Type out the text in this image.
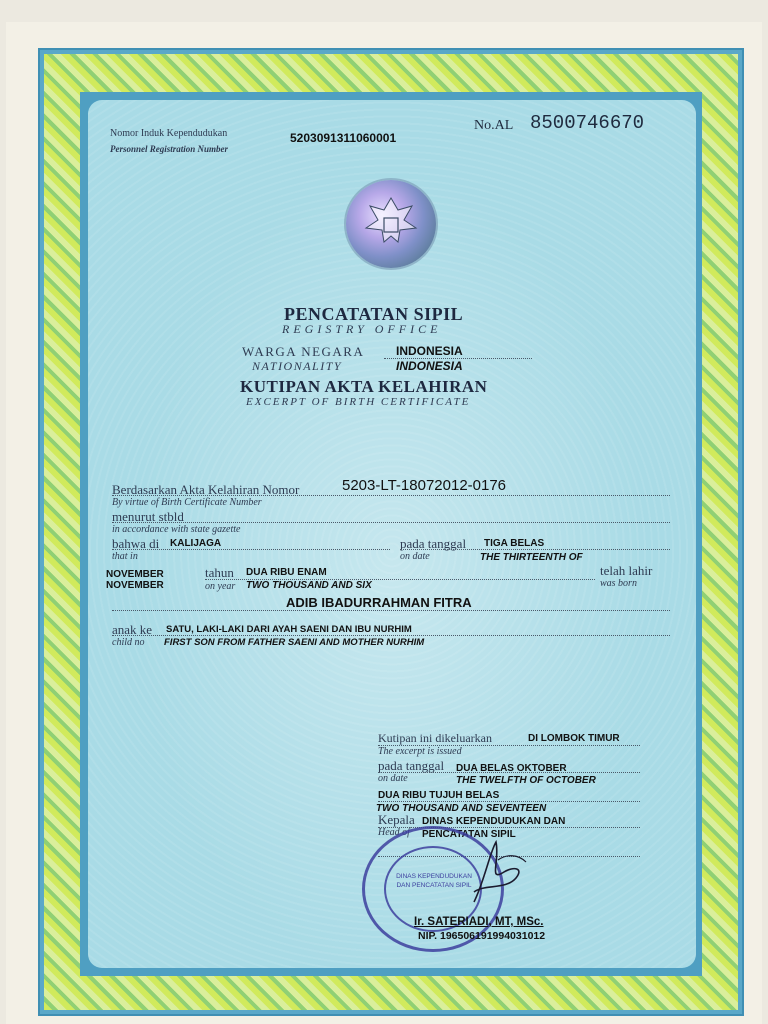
Nomor Induk Kependudukan
Personnel Registration Number
5203091311060001
No.AL 8500746670
PENCATATAN SIPIL
REGISTRY OFFICE
WARGA NEGARA
NATIONALITY
INDONESIA
INDONESIA
KUTIPAN AKTA KELAHIRAN
EXCERPT OF BIRTH CERTIFICATE
Berdasarkan Akta Kelahiran Nomor
By virtue of Birth Certificate Number
5203-LT-18072012-0176
menurut stbld
in accordance with state gazette
bahwa di
that in
KALIJAGA	pada tanggal
on date
TIGA BELAS
THE THIRTEENTH OF
NOVEMBER
NOVEMBER
tahun
on year
DUA RIBU ENAM
TWO THOUSAND AND SIX
telah lahir
was born
ADIB IBADURRAHMAN FITRA
anak ke
child no
SATU, LAKI-LAKI DARI AYAH SAENI DAN IBU NURHIM
FIRST SON FROM FATHER SAENI AND MOTHER NURHIM
Kutipan ini dikeluarkan
The excerpt is issued
DI LOMBOK TIMUR
pada tanggal
on date
DUA BELAS OKTOBER
THE TWELFTH OF OCTOBER
DUA RIBU TUJUH BELAS
TWO THOUSAND AND SEVENTEEN
Kepala
Head of
DINAS KEPENDUDUKAN DAN
PENCATATAN SIPIL
DINAS KEPENDUDUKAN DAN PENCATATAN SIPIL
Ir. SATERIADI, MT, MSc.
NIP. 196506191994031012
